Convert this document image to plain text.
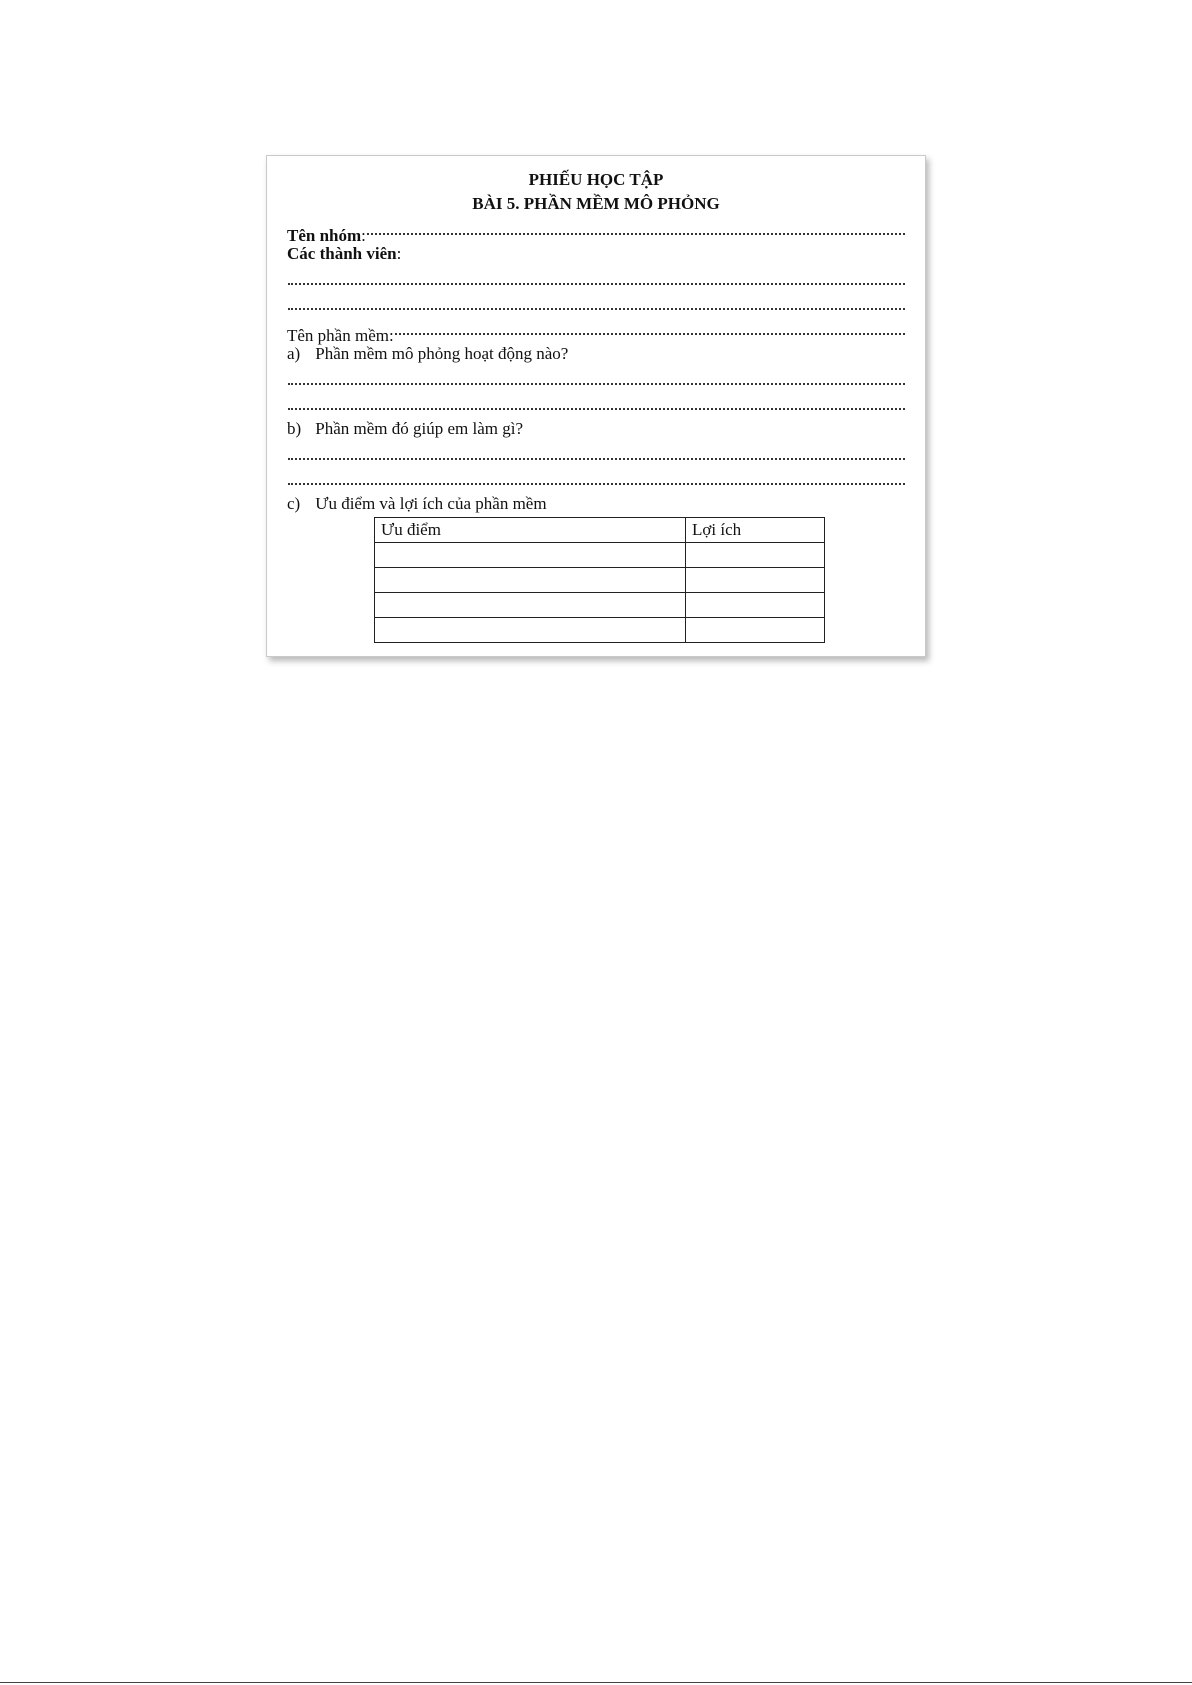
PHIẾU HỌC TẬP

BÀI 5. PHẦN MỀM MÔ PHỎNG

Tên nhóm :
Các thành viên :
Tên phần mềm:
a)
Phần mềm mô phỏng hoạt động nào?
b)
Phần mềm đó giúp em làm gì?
c)
Ưu điểm và lợi ích của phần mềm
Ưu điểm	Lợi ích
